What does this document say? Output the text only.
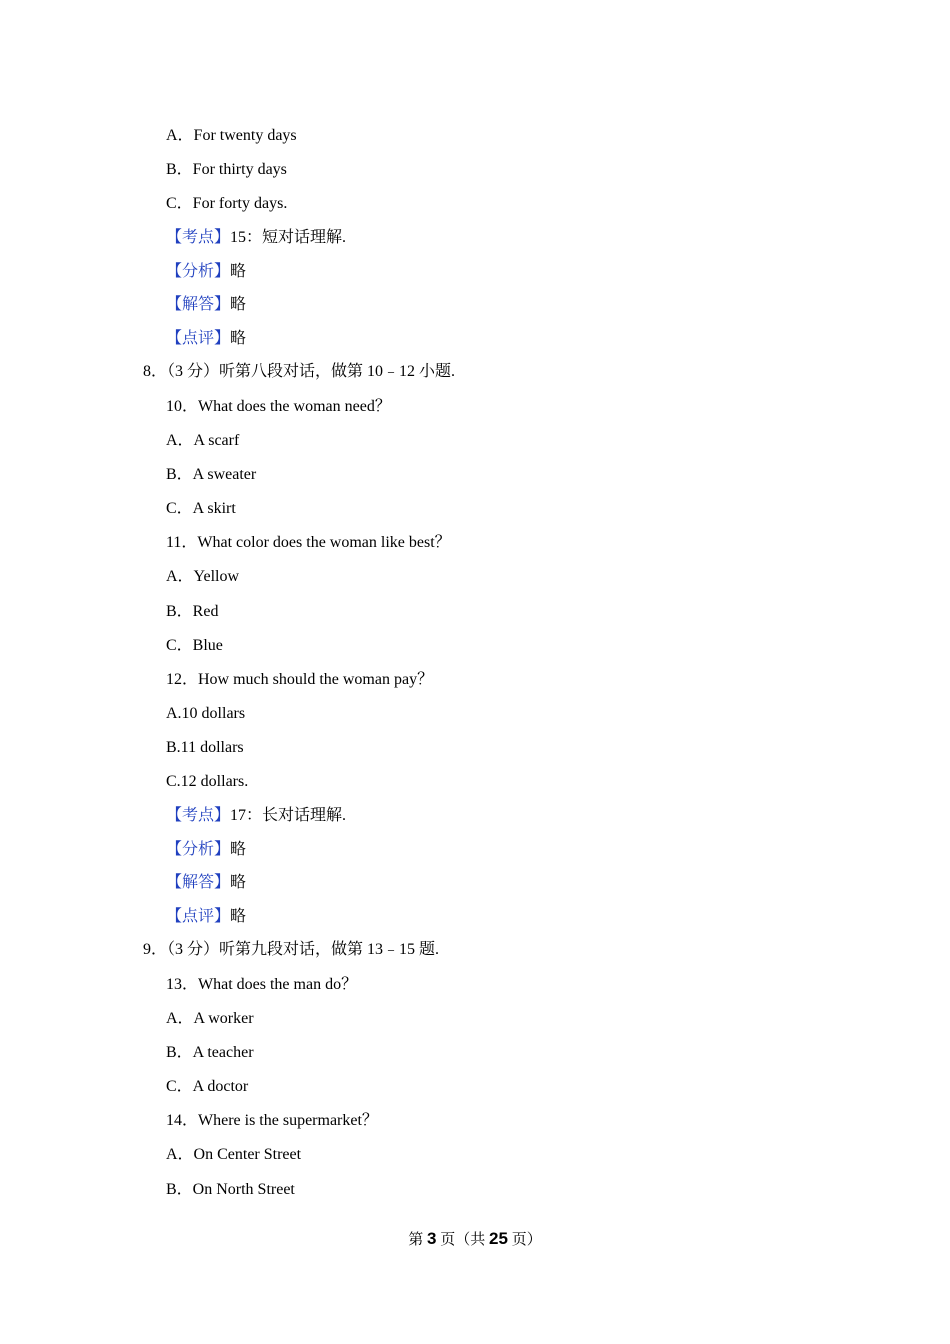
A．For twenty days
B．For thirty days
C．For forty days.
【考点】15：短对话理解.
【分析】略
【解答】略
【点评】略
8．（3 分）听第八段对话，做第 10﹣12 小题.
10．What does the woman need？
A．A scarf
B．A sweater
C．A skirt
11．What color does the woman like best？
A．Yellow
B．Red
C．Blue
12．How much should the woman pay？
A.10 dollars
B.11 dollars
C.12 dollars.
【考点】17：长对话理解.
【分析】略
【解答】略
【点评】略
9．（3 分）听第九段对话，做第 13﹣15 题.
13．What does the man do？
A．A worker
B．A teacher
C．A doctor
14．Where is the supermarket？
A．On Center Street
B．On North Street
第 3 页（共 25 页）
